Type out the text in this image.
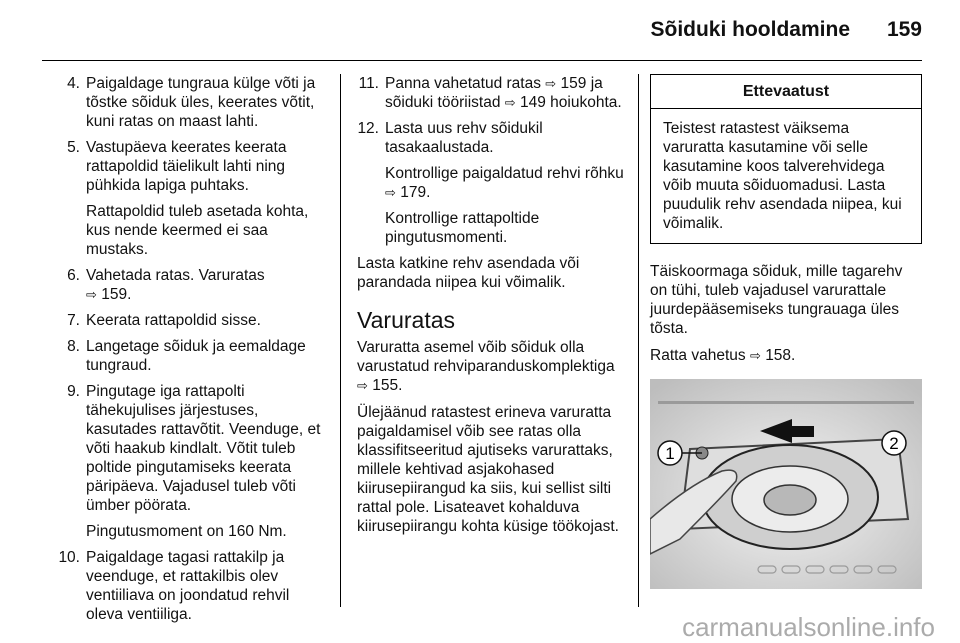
Sõiduki hooldamine	159
4. Paigaldage tungraua külge võti ja tõstke sõiduk üles, keerates võtit, kuni ratas on maast lahti.

5. Vastupäeva keerates keerata rattapoldid täielikult lahti ning pühkida lapiga puhtaks.

Rattapoldid tuleb asetada kohta, kus nende keermed ei saa mustaks.

6. Vahetada ratas. Varuratas
⇨ 159.

7. Keerata rattapoldid sisse.

8. Langetage sõiduk ja eemaldage tungraud.

9. Pingutage iga rattapolti tähekujulises järjestuses, kasutades rattavõtit. Veenduge, et võti haakub kindlalt. Võtit tuleb poltide pingutamiseks keerata päripäeva. Vajadusel tuleb võti ümber pöörata.

Pingutusmoment on 160 Nm.

10. Paigaldage tagasi rattakilp ja veenduge, et rattakilbis olev ventiiliava on joondatud rehvil oleva ventiiliga.

11. Panna vahetatud ratas ⇨ 159 ja sõiduki tööriistad ⇨ 149 hoiukohta.

12. Lasta uus rehv sõidukil tasakaalustada.

Kontrollige paigaldatud rehvi rõhku ⇨ 179.

Kontrollige rattapoltide pingutusmomenti.

Lasta katkine rehv asendada või parandada niipea kui võimalik.

Varuratas

Varuratta asemel võib sõiduk olla varustatud rehviparanduskomplektiga ⇨ 155.

Ülejäänud ratastest erineva varuratta paigaldamisel võib see ratas olla klassifitseeritud ajutiseks varurattaks, millele kehtivad asjakohased kiirusepiirangud ka siis, kui sellist silti rattal pole. Lisateavet kohalduva kiirusepiirangu kohta küsige töökojast.

Ettevaatust
Teistest ratastest väiksema varuratta kasutamine või selle kasutamine koos talverehvidega võib muuta sõiduomadusi. Lasta puudulik rehv asendada niipea, kui võimalik.

Täiskoormaga sõiduk, mille tagarehv on tühi, tuleb vajadusel varurattale juurdepääsemiseks tungrauaga üles tõsta.

Ratta vahetus ⇨ 158.

1
2
carmanualsonline.info
